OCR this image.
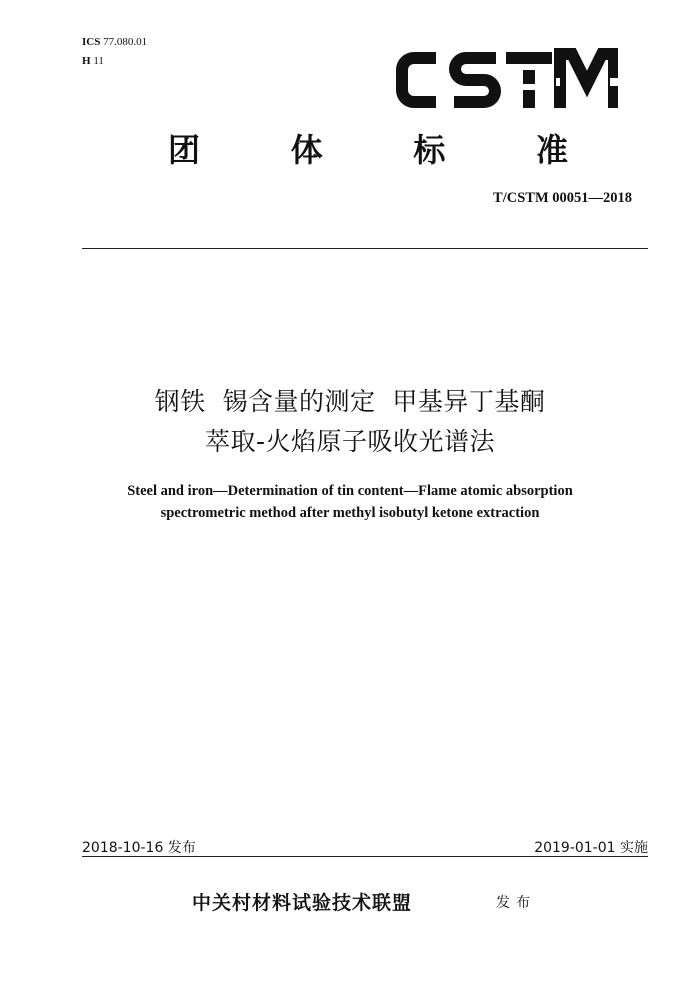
ICS 77.080.01
H 11
团	体	标	准
T/CSTM 00051—2018
钢铁  锡含量的测定  甲基异丁基酮
萃取-火焰原子吸收光谱法
Steel and iron—Determination of tin content—Flame atomic absorption
spectrometric method after methyl isobutyl ketone extraction
2018-10-16 发布	2019-01-01 实施
中关村材料试验技术联盟	发布
